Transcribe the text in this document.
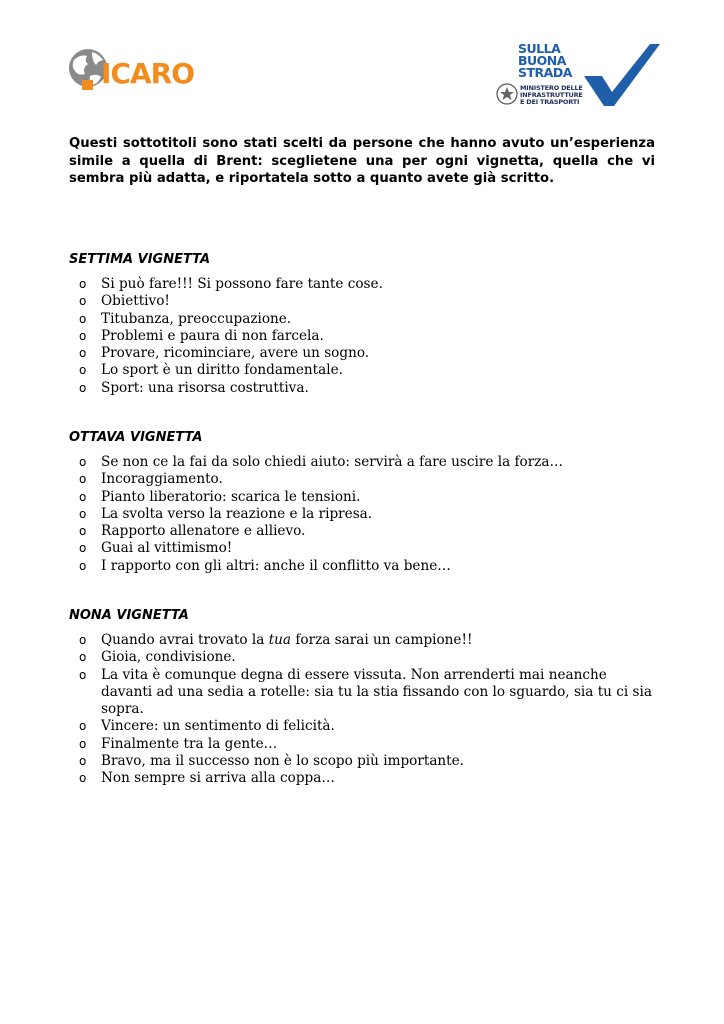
ICARO
SULLA
BUONA
STRADA
MINISTERO DELLE
INFRASTRUTTURE
E DEI TRASPORTI

Questi sottotitoli sono stati scelti da persone che hanno avuto un’esperienza simile a quella di Brent: sceglietene una per ogni vignetta, quella che vi sembra più adatta, e riportatela sotto a quanto avete già scritto.

SETTIMA VIGNETTA
o Si può fare!!! Si possono fare tante cose.
o Obiettivo!
o Titubanza, preoccupazione.
o Problemi e paura di non farcela.
o Provare, ricominciare, avere un sogno.
o Lo sport è un diritto fondamentale.
o Sport: una risorsa costruttiva.
OTTAVA VIGNETTA
o Se non ce la fai da solo chiedi aiuto: servirà a fare uscire la forza…
o Incoraggiamento.
o Pianto liberatorio: scarica le tensioni.
o La svolta verso la reazione e la ripresa.
o Rapporto allenatore e allievo.
o Guai al vittimismo!
o I rapporto con gli altri: anche il conflitto va bene…
NONA VIGNETTA
o Quando avrai trovato la tua forza sarai un campione!!
o Gioia, condivisione.
o La vita è comunque degna di essere vissuta. Non arrenderti mai neanche davanti ad una sedia a rotelle: sia tu la stia fissando con lo sguardo, sia tu ci sia sopra.
o Vincere: un sentimento di felicità.
o Finalmente tra la gente…
o Bravo, ma il successo non è lo scopo più importante.
o Non sempre si arriva alla coppa…
